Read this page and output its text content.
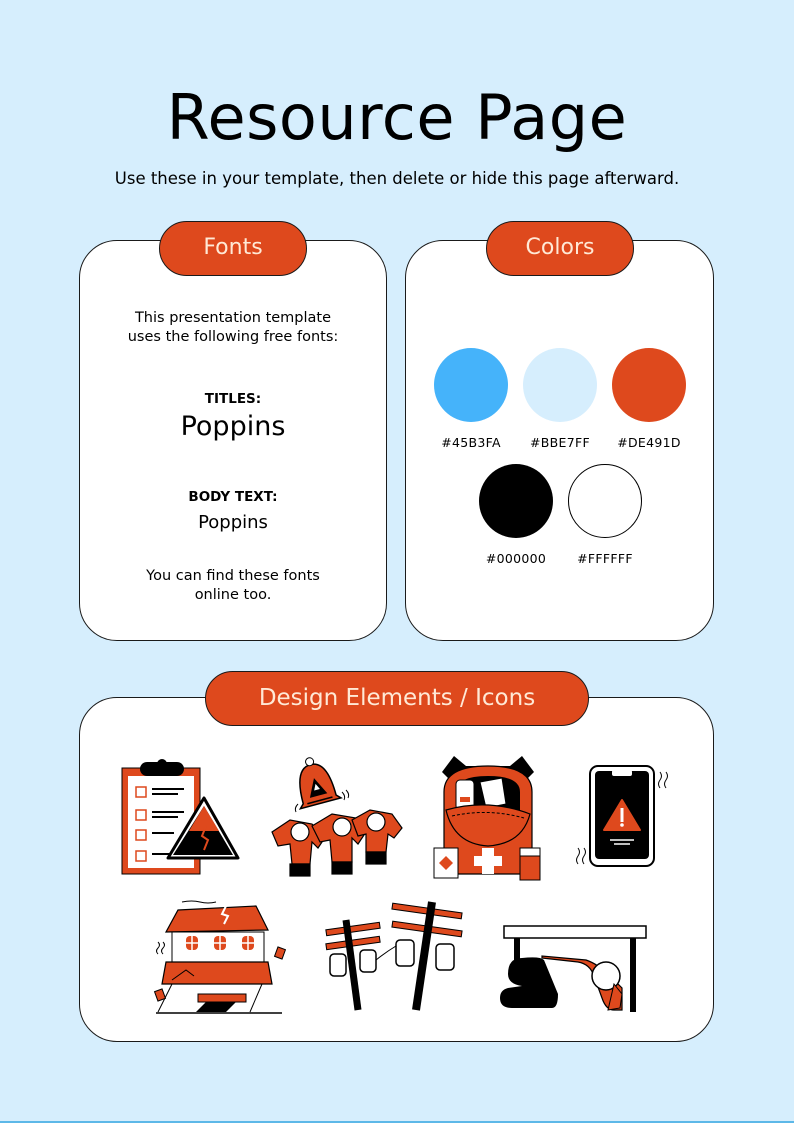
Resource Page
Use these in your template, then delete or hide this page afterward.
This presentation template
uses the following free fonts:
TITLES:
Poppins
BODY TEXT:
Poppins
You can find these fonts
online too.
Fonts
#45B3FA	#BBE7FF	#DE491D
#000000	#FFFFFF
Colors
Design Elements / Icons
